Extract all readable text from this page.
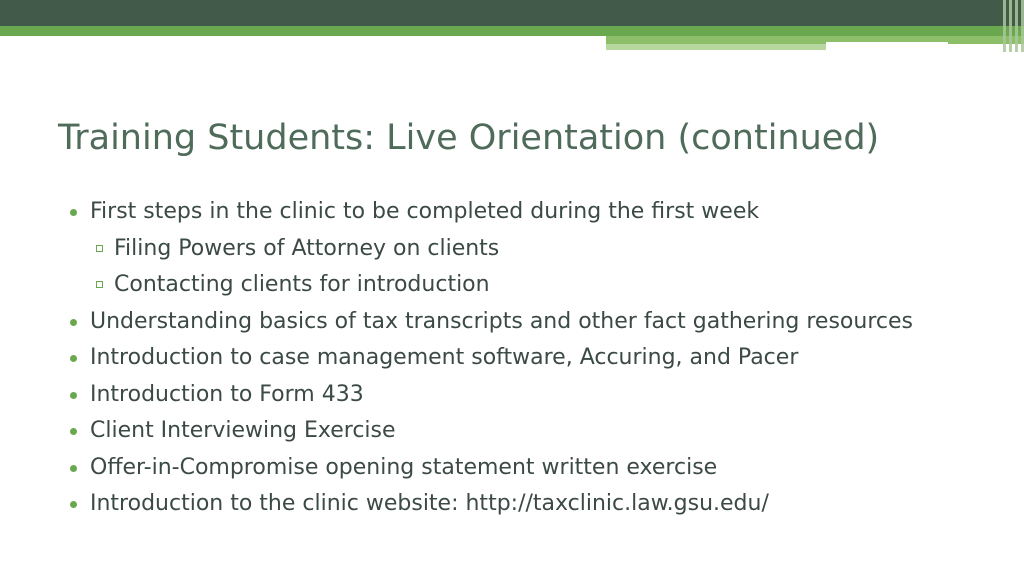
Training Students: Live Orientation (continued)
First steps in the clinic to be completed during the first week
Filing Powers of Attorney on clients
Contacting clients for introduction
Understanding basics of tax transcripts and other fact gathering resources
Introduction to case management software, Accuring, and Pacer
Introduction to Form 433
Client Interviewing Exercise
Offer-in-Compromise opening statement written exercise
Introduction to the clinic website: http://taxclinic.law.gsu.edu/
